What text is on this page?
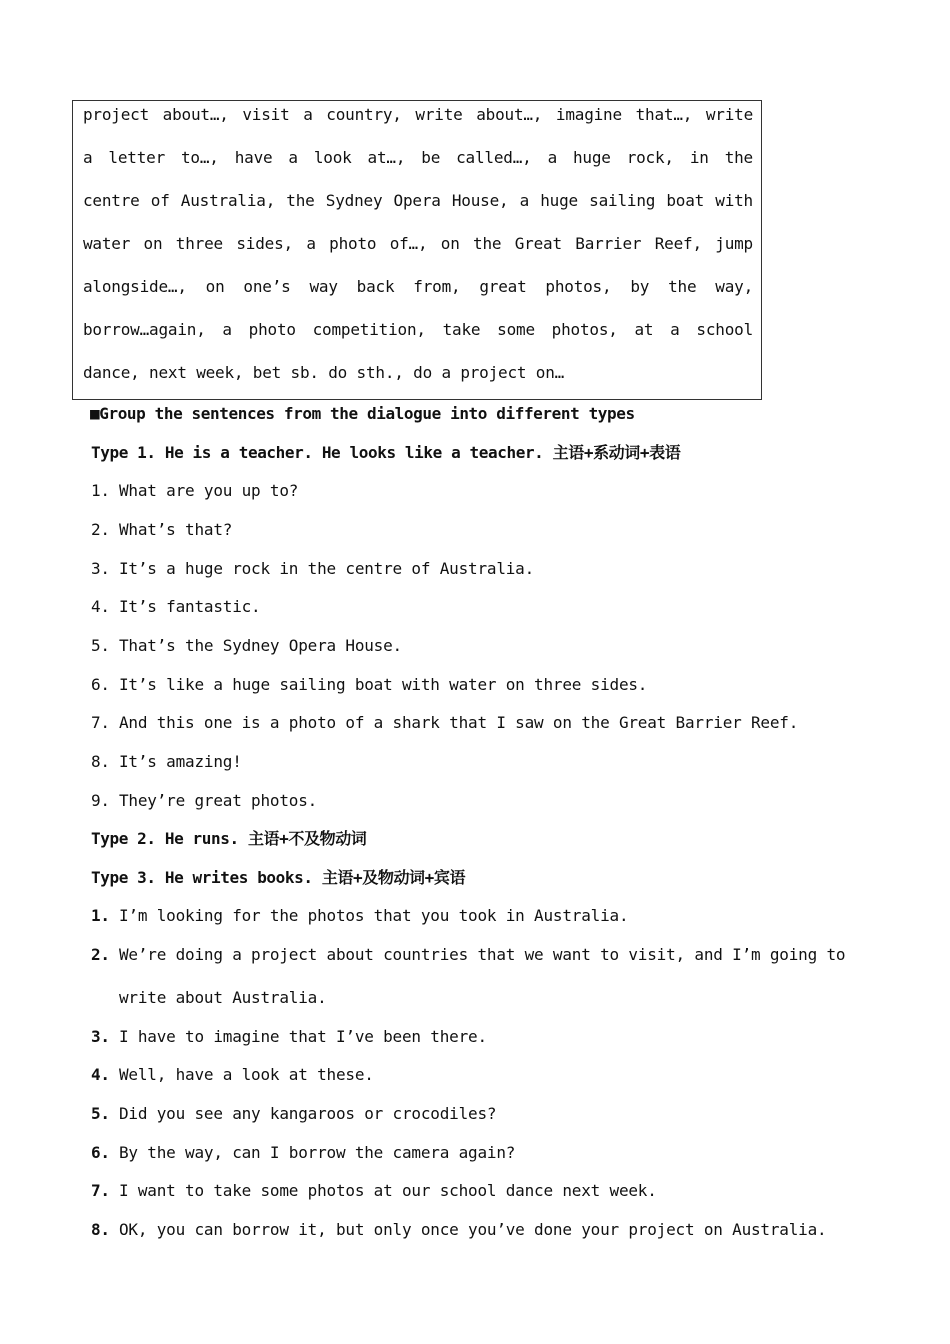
project about…, visit a country, write about…, imagine that…, write
a letter to…, have a look at…, be called…, a huge rock, in the
centre of Australia, the Sydney Opera House, a huge sailing boat with
water on three sides, a photo of…, on the Great Barrier Reef, jump
alongside…, on one’s way back from, great photos, by the way,
borrow…again, a photo competition, take some photos, at a school
dance, next week, bet sb. do sth., do a project on…
■Group the sentences from the dialogue into different types
Type 1. He is a teacher. He looks like a teacher. 主语+系动词+表语
1. What are you up to?
2. What’s that?
3. It’s a huge rock in the centre of Australia.
4. It’s fantastic.
5. That’s the Sydney Opera House.
6. It’s like a huge sailing boat with water on three sides.
7. And this one is a photo of a shark that I saw on the Great Barrier Reef.
8. It’s amazing!
9. They’re great photos.
Type 2. He runs. 主语+不及物动词
Type 3. He writes books. 主语+及物动词+宾语
1. I’m looking for the photos that you took in Australia.
2. We’re doing a project about countries that we want to visit, and I’m going to
write about Australia.
3. I have to imagine that I’ve been there.
4. Well, have a look at these.
5. Did you see any kangaroos or crocodiles?
6. By the way, can I borrow the camera again?
7. I want to take some photos at our school dance next week.
8. OK, you can borrow it, but only once you’ve done your project on Australia.
